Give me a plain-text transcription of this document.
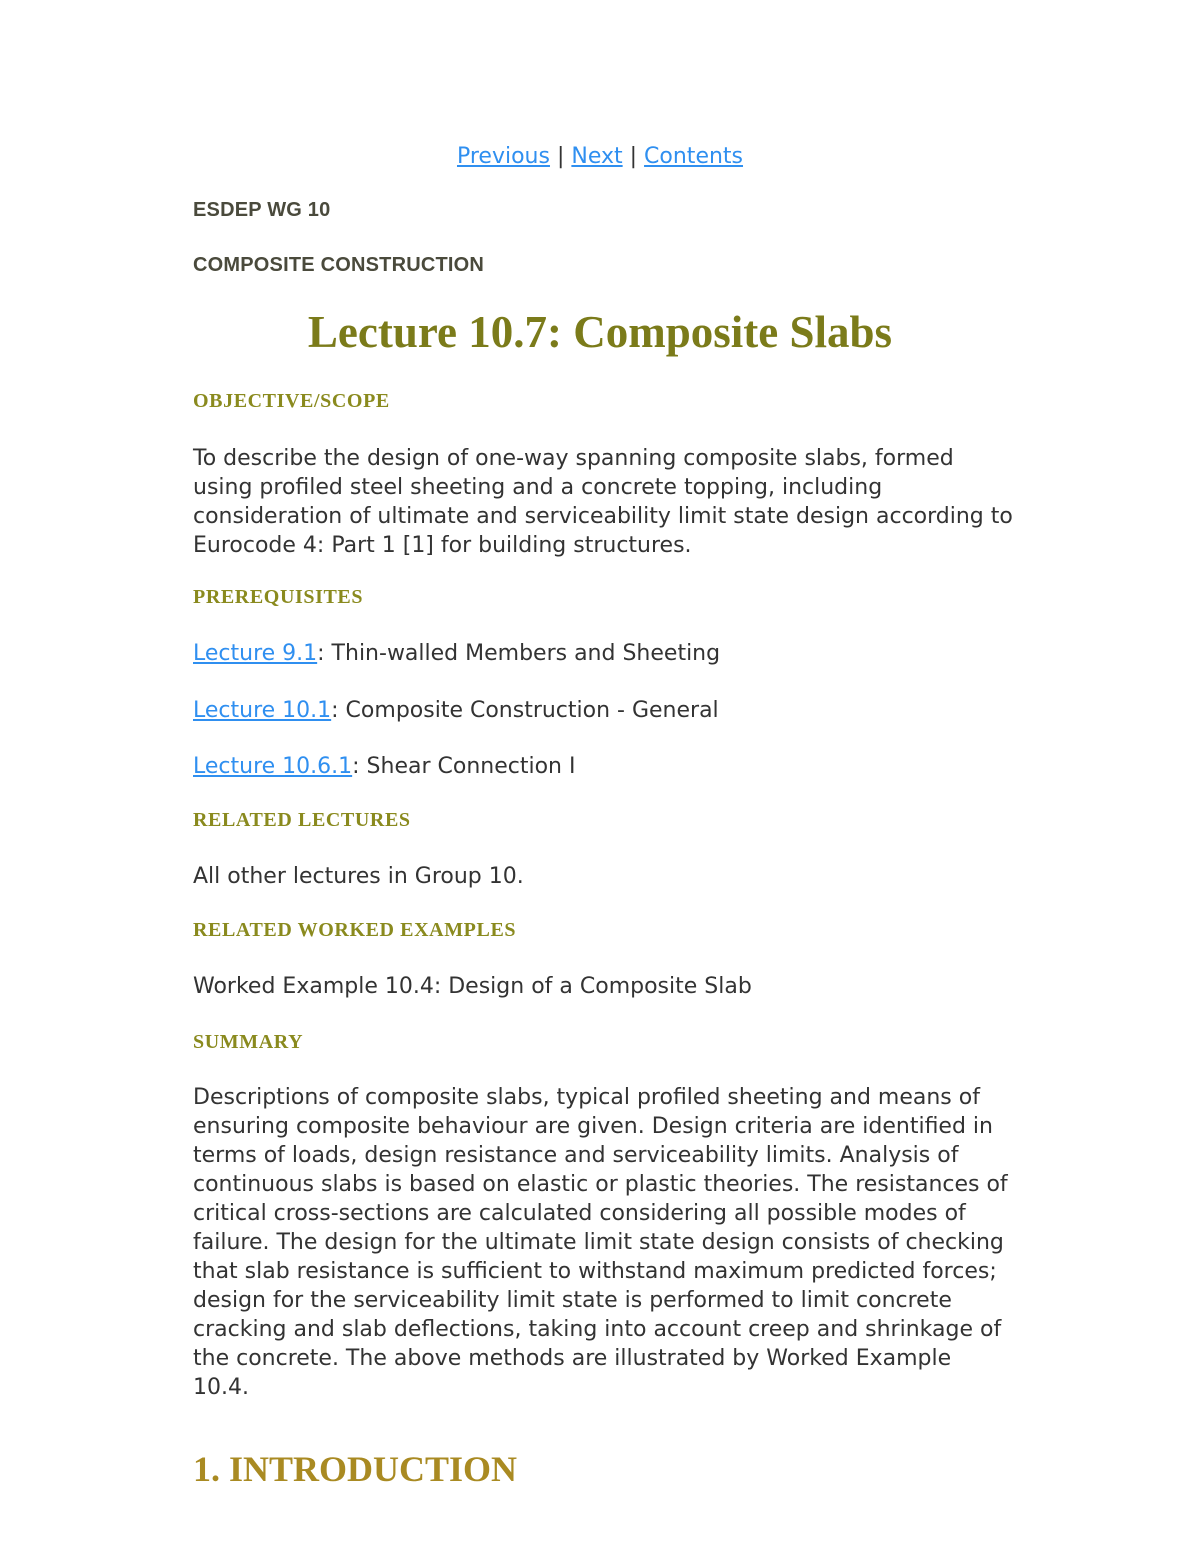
Previous | Next | Contents
ESDEP WG 10
COMPOSITE CONSTRUCTION
Lecture 10.7: Composite Slabs
OBJECTIVE/SCOPE

To describe the design of one-way spanning composite slabs, formed using profiled steel sheeting and a concrete topping, including consideration of ultimate and serviceability limit state design according to Eurocode 4: Part 1 [1] for building structures.

PREREQUISITES

Lecture 9.1: Thin-walled Members and Sheeting

Lecture 10.1: Composite Construction - General

Lecture 10.6.1: Shear Connection I

RELATED LECTURES

All other lectures in Group 10.

RELATED WORKED EXAMPLES

Worked Example 10.4: Design of a Composite Slab

SUMMARY

Descriptions of composite slabs, typical profiled sheeting and means of ensuring composite behaviour are given. Design criteria are identified in terms of loads, design resistance and serviceability limits. Analysis of continuous slabs is based on elastic or plastic theories. The resistances of critical cross-sections are calculated considering all possible modes of failure. The design for the ultimate limit state design consists of checking that slab resistance is sufficient to withstand maximum predicted forces; design for the serviceability limit state is performed to limit concrete cracking and slab deflections, taking into account creep and shrinkage of the concrete. The above methods are illustrated by Worked Example 10.4.

1. INTRODUCTION
